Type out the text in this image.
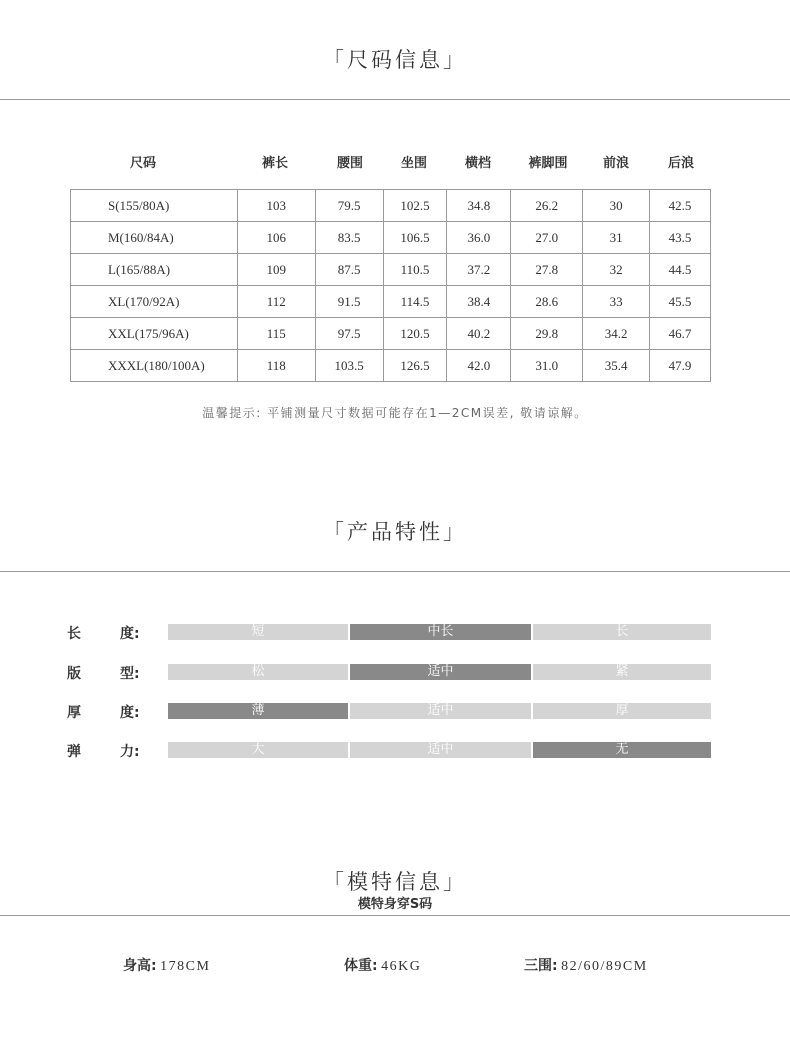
「尺码信息」
尺码	裤长	腰围	坐围	横档	裤脚围	前浪	后浪
S(155/80A)	103	79.5	102.5	34.8	26.2	30	42.5
M(160/84A)	106	83.5	106.5	36.0	27.0	31	43.5
L(165/88A)	109	87.5	110.5	37.2	27.8	32	44.5
XL(170/92A)	112	91.5	114.5	38.4	28.6	33	45.5
XXL(175/96A)	115	97.5	120.5	40.2	29.8	34.2	46.7
XXXL(180/100A)	118	103.5	126.5	42.0	31.0	35.4	47.9
温馨提示: 平铺测量尺寸数据可能存在1—2CM误差, 敬请谅解。
「产品特性」
长	度:	短	中长	长
版	型:	松	适中	紧
厚	度:	薄	适中	厚
弹	力:	大	适中	无
「模特信息」
模特身穿S码
身高: 178CM	体重: 46KG	三围: 82/60/89CM
